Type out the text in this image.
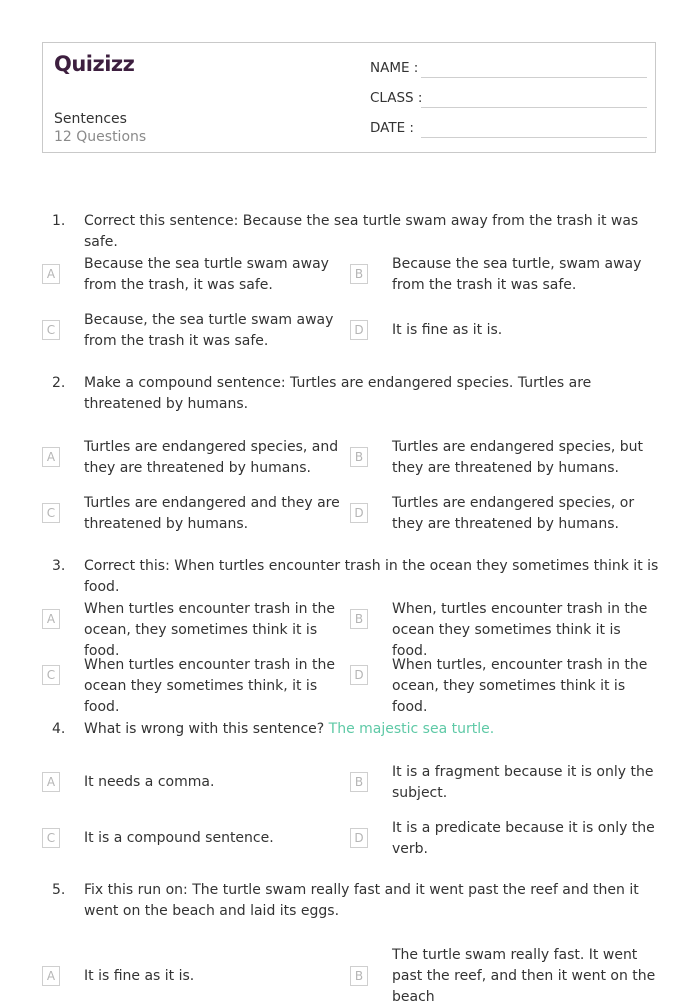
Quizizz
Sentences
12 Questions
NAME :
CLASS :
DATE :
1. Correct this sentence: Because the sea turtle swam away from the trash it was safe.
A
Because the sea turtle swam away from the trash, it was safe.
B
Because the sea turtle, swam away from the trash it was safe.
C
Because, the sea turtle swam away from the trash it was safe.
D	It is fine as it is.
2. Make a compound sentence: Turtles are endangered species. Turtles are threatened by humans.
A
Turtles are endangered species, and they are threatened by humans.
B
Turtles are endangered species, but they are threatened by humans.
C
Turtles are endangered and they are threatened by humans.
D
Turtles are endangered species, or they are threatened by humans.
3. Correct this: When turtles encounter trash in the ocean they sometimes think it is food.
A
When turtles encounter trash in the ocean, they sometimes think it is food.
B
When, turtles encounter trash in the ocean they sometimes think it is food.
C
When turtles encounter trash in the ocean they sometimes think, it is food.
D
When turtles, encounter trash in the ocean, they sometimes think it is food.
4. What is wrong with this sentence? The majestic sea turtle.
A	It needs a comma.	B
It is a fragment because it is only the subject.
C	It is a compound sentence.	D
It is a predicate because it is only the verb.
5. Fix this run on: The turtle swam really fast and it went past the reef and then it went on the beach and laid its eggs.
A	It is fine as it is.	B
The turtle swam really fast. It went past the reef, and then it went on the beach
